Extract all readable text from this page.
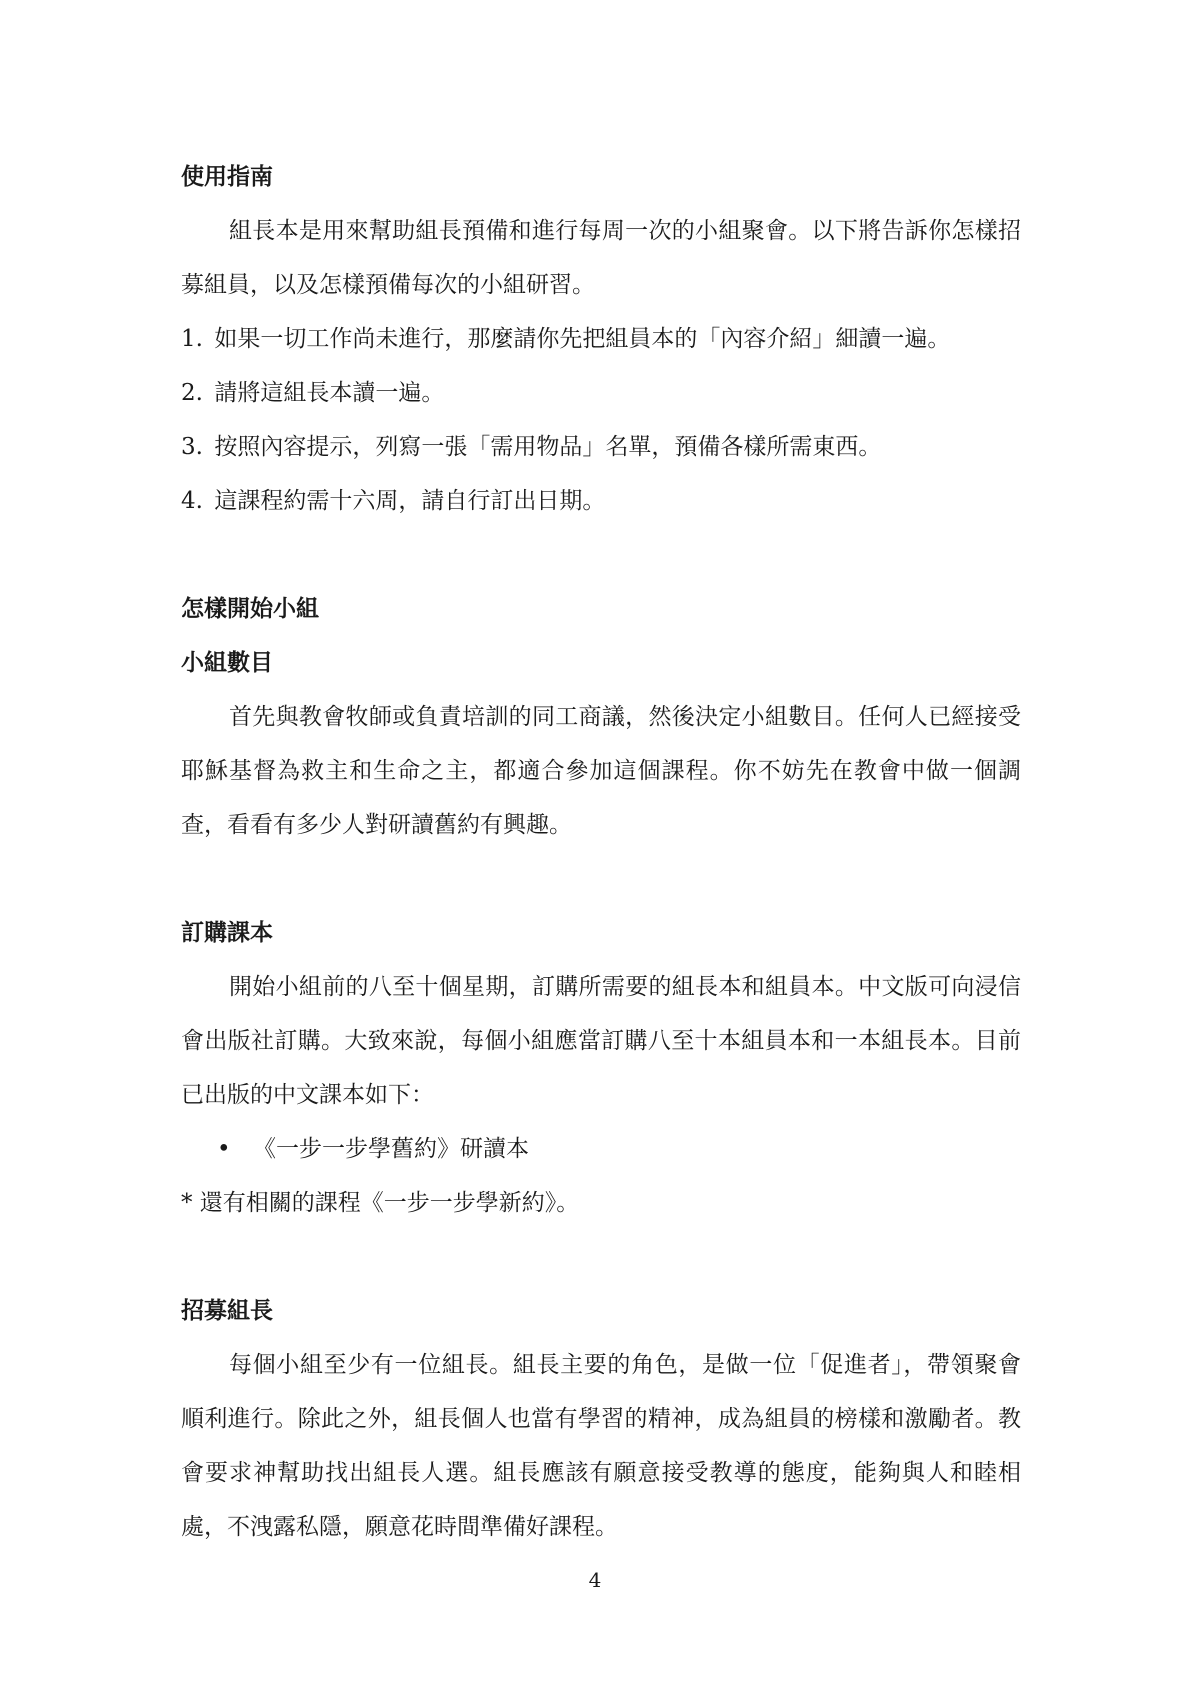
使用指南

組長本是用來幫助組長預備和進行每周一次的小組聚會。以下將告訴你怎樣招募組員，以及怎樣預備每次的小組研習。

1. 如果一切工作尚未進行，那麼請你先把組員本的「內容介紹」細讀一遍。
2. 請將這組長本讀一遍。
3. 按照內容提示，列寫一張「需用物品」名單，預備各樣所需東西。
4. 這課程約需十六周，請自行訂出日期。

怎樣開始小組

小組數目

首先與教會牧師或負責培訓的同工商議，然後決定小組數目。任何人已經接受耶穌基督為救主和生命之主，都適合參加這個課程。你不妨先在教會中做一個調查，看看有多少人對研讀舊約有興趣。

訂購課本

開始小組前的八至十個星期，訂購所需要的組長本和組員本。中文版可向浸信會出版社訂購。大致來說，每個小組應當訂購八至十本組員本和一本組長本。目前已出版的中文課本如下：

• 《一步一步學舊約》研讀本
* 還有相關的課程《一步一步學新約》。

招募組長

每個小組至少有一位組長。組長主要的角色，是做一位「促進者」，帶領聚會順利進行。除此之外，組長個人也當有學習的精神，成為組員的榜樣和激勵者。教會要求神幫助找出組長人選。組長應該有願意接受教導的態度，能夠與人和睦相處，不洩露私隱，願意花時間準備好課程。

4
